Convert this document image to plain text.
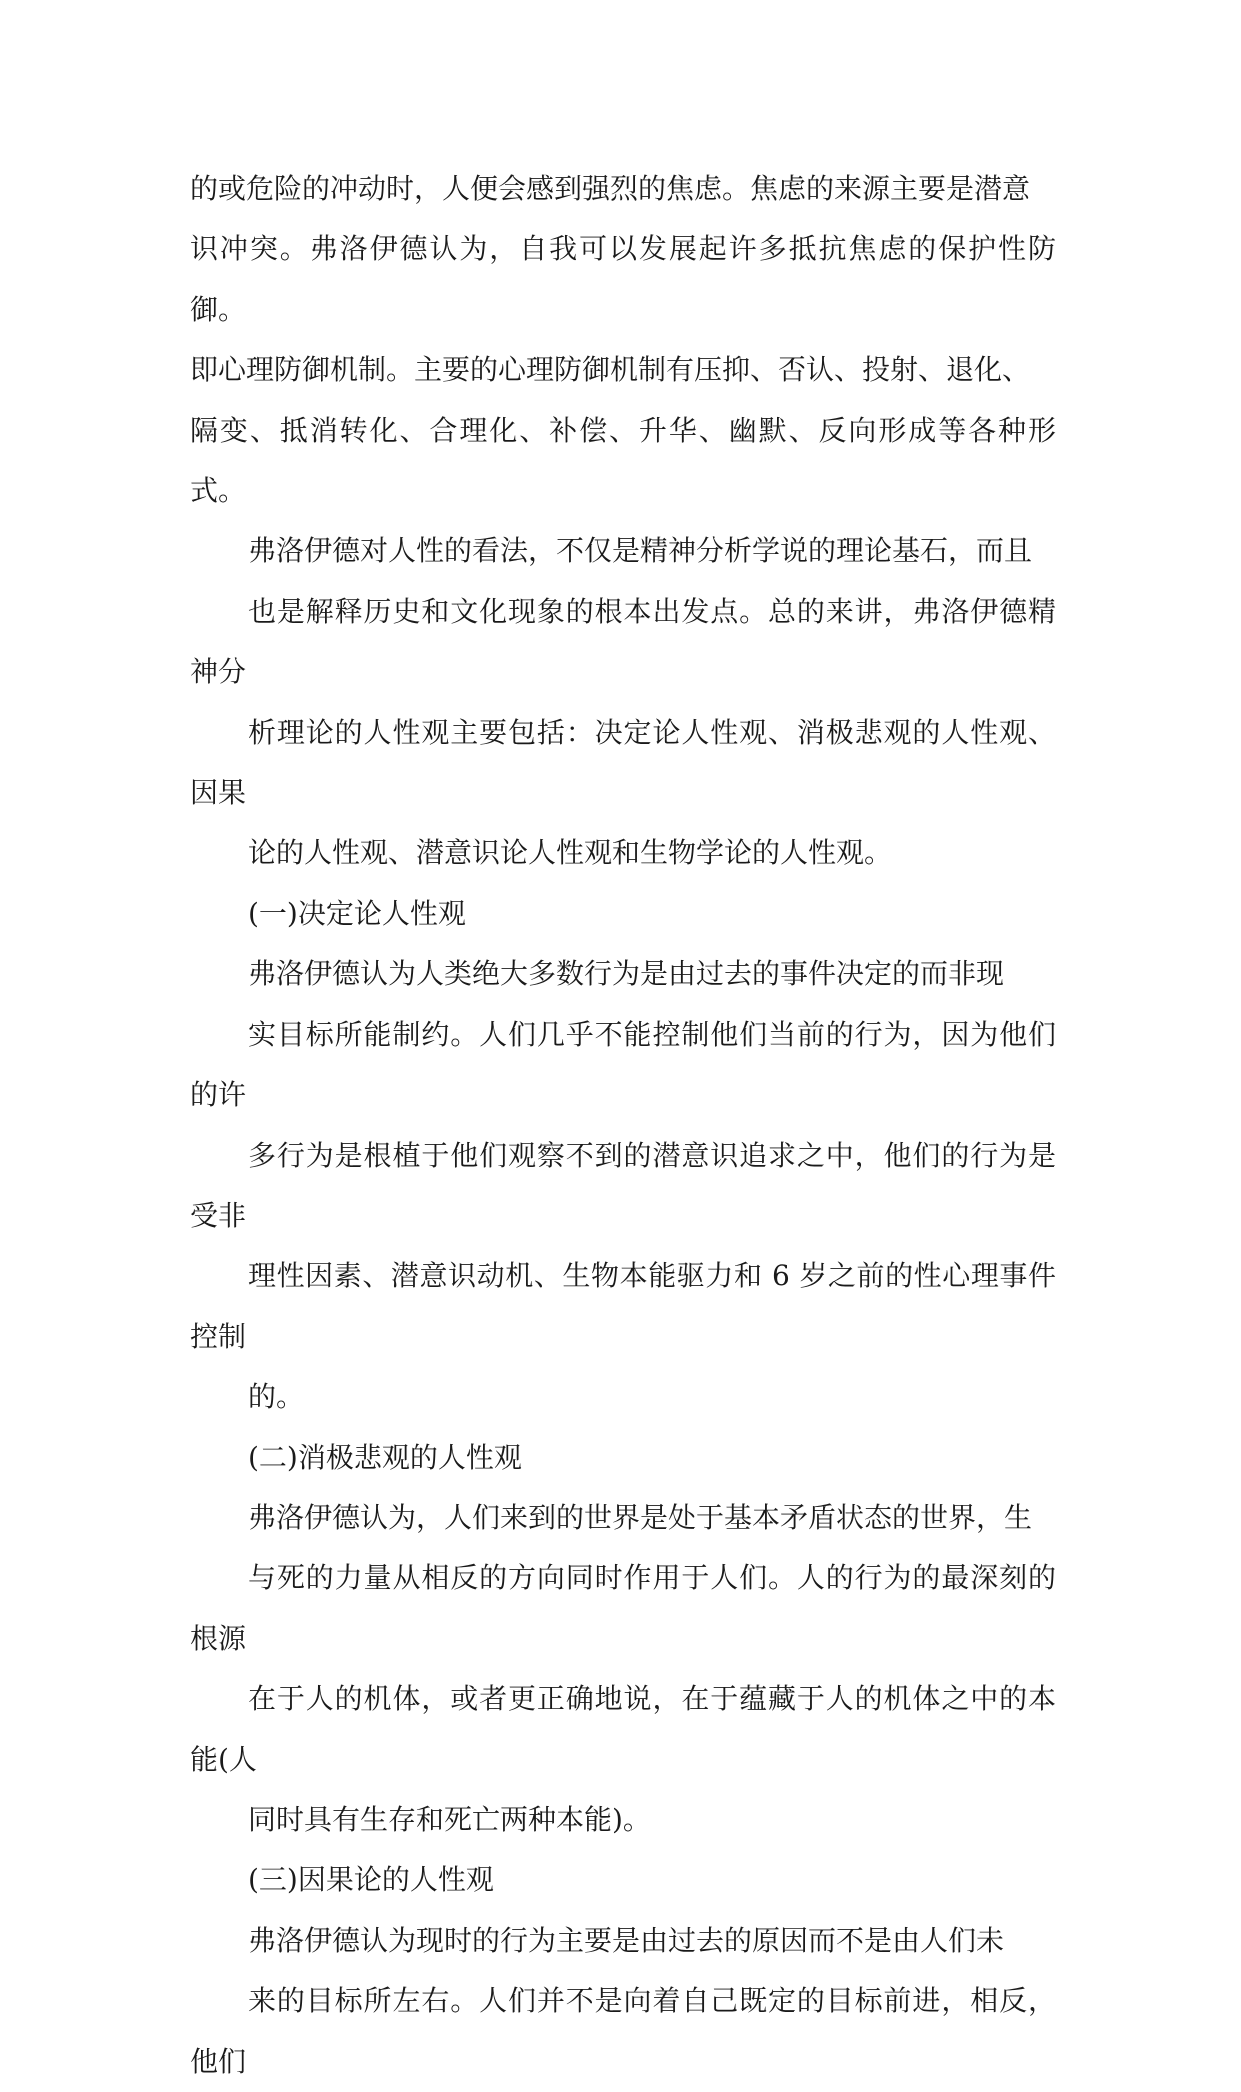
的或危险的冲动时，人便会感到强烈的焦虑。焦虑的来源主要是潜意
识冲突。弗洛伊德认为，自我可以发展起许多抵抗焦虑的保护性防御。
即心理防御机制。主要的心理防御机制有压抑、否认、投射、退化、
隔变、抵消转化、合理化、补偿、升华、幽默、反向形成等各种形式。

弗洛伊德对人性的看法，不仅是精神分析学说的理论基石，而且
也是解释历史和文化现象的根本出发点。总的来讲，弗洛伊德精神分
析理论的人性观主要包括：决定论人性观、消极悲观的人性观、因果
论的人性观、潜意识论人性观和生物学论的人性观。

(一)决定论人性观

弗洛伊德认为人类绝大多数行为是由过去的事件决定的而非现
实目标所能制约。人们几乎不能控制他们当前的行为，因为他们的许
多行为是根植于他们观察不到的潜意识追求之中，他们的行为是受非
理性因素、潜意识动机、生物本能驱力和 6 岁之前的性心理事件控制
的。

(二)消极悲观的人性观

弗洛伊德认为，人们来到的世界是处于基本矛盾状态的世界，生
与死的力量从相反的方向同时作用于人们。人的行为的最深刻的根源
在于人的机体，或者更正确地说，在于蕴藏于人的机体之中的本能(人
同时具有生存和死亡两种本能)。

(三)因果论的人性观

弗洛伊德认为现时的行为主要是由过去的原因而不是由人们未
来的目标所左右。人们并不是向着自己既定的目标前进，相反，他们
